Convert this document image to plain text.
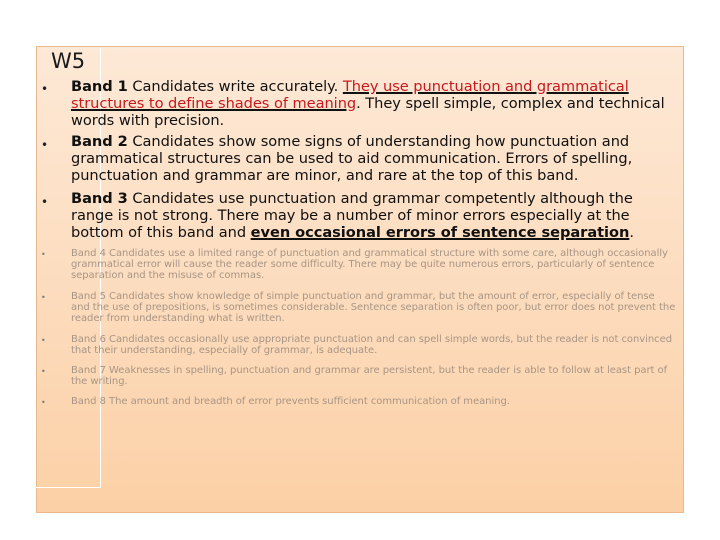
W5
• Band 1 Candidates write accurately. They use punctuation and grammatical structures to define shades of meaning. They spell simple, complex and technical words with precision.
• Band 2 Candidates show some signs of understanding how punctuation and grammatical structures can be used to aid communication. Errors of spelling, punctuation and grammar are minor, and rare at the top of this band.
• Band 3 Candidates use punctuation and grammar competently although the range is not strong. There may be a number of minor errors especially at the bottom of this band and even occasional errors of sentence separation.
•	Band 4 Candidates use a limited range of punctuation and grammatical structure with some care, although occasionally grammatical error will cause the reader some difficulty. There may be quite numerous errors, particularly of sentence separation and the misuse of commas.
•	Band 5 Candidates show knowledge of simple punctuation and grammar, but the amount of error, especially of tense and the use of prepositions, is sometimes considerable. Sentence separation is often poor, but error does not prevent the reader from understanding what is written.
•	Band 6 Candidates occasionally use appropriate punctuation and can spell simple words, but the reader is not convinced that their understanding, especially of grammar, is adequate.
•	Band 7 Weaknesses in spelling, punctuation and grammar are persistent, but the reader is able to follow at least part of the writing.
•	Band 8 The amount and breadth of error prevents sufficient communication of meaning.
